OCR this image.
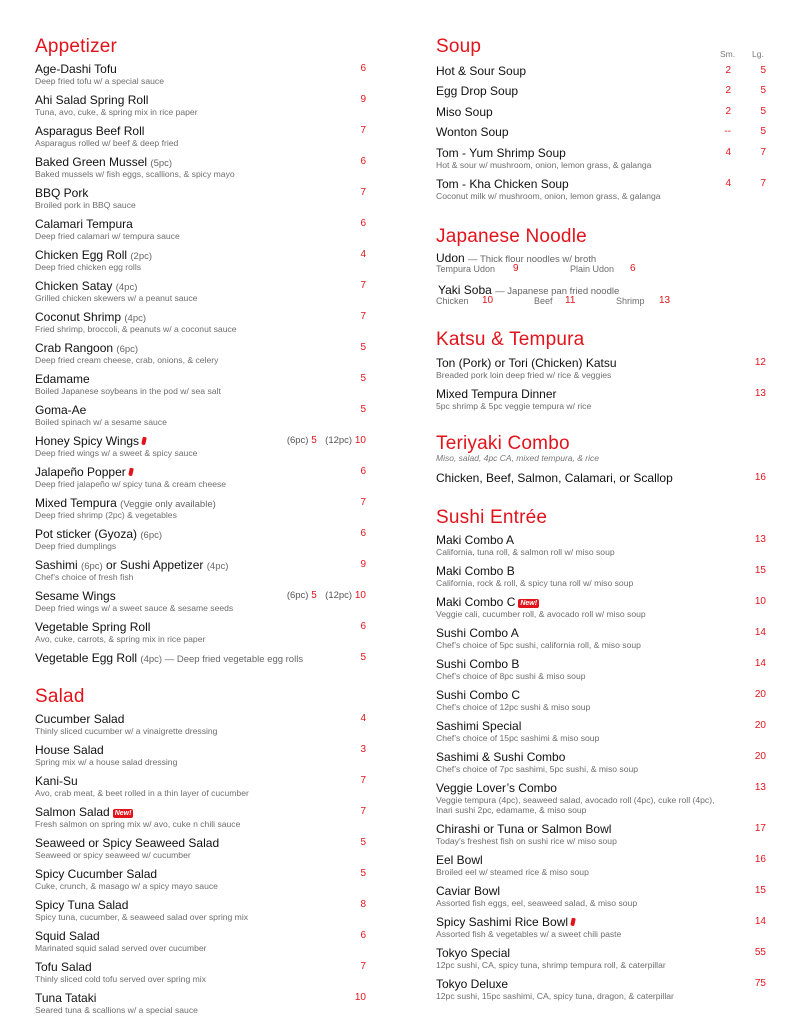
Appetizer
Age-Dashi Tofu
Deep fried tofu w/ a special sauce
6
Ahi Salad Spring Roll
Tuna, avo, cuke, & spring mix in rice paper
9
Asparagus Beef Roll
Asparagus rolled w/ beef & deep fried
7
Baked Green Mussel (5pc)
Baked mussels w/ fish eggs, scallions, & spicy mayo
6
BBQ Pork
Broiled pork in BBQ sauce
7
Calamari Tempura
Deep fried calamari w/ tempura sauce
6
Chicken Egg Roll (2pc)
Deep fried chicken egg rolls
4
Chicken Satay (4pc)
Grilled chicken skewers w/ a peanut sauce
7
Coconut Shrimp (4pc)
Fried shrimp, broccoli, & peanuts w/ a coconut sauce
7
Crab Rangoon (6pc)
Deep fried cream cheese, crab, onions, & celery
5
Edamame
Boiled Japanese soybeans in the pod w/ sea salt
5
Goma-Ae
Boiled spinach w/ a sesame sauce
5
Honey Spicy Wings
Deep fried wings w/ a sweet & spicy sauce
(6pc) 5 (12pc) 10
Jalapeño Popper
Deep fried jalapeño w/ spicy tuna & cream cheese
6
Mixed Tempura (Veggie only available)
Deep fried shrimp (2pc) & vegetables
7
Pot sticker (Gyoza) (6pc)
Deep fried dumplings
6
Sashimi (6pc) or Sushi Appetizer (4pc)
Chef’s choice of fresh fish
9
Sesame Wings
Deep fried wings w/ a sweet sauce & sesame seeds
(6pc) 5 (12pc) 10
Vegetable Spring Roll
Avo, cuke, carrots, & spring mix in rice paper
6
Vegetable Egg Roll (4pc) — Deep fried vegetable egg rolls	5
Salad
Cucumber Salad
Thinly sliced cucumber w/ a vinaigrette dressing
4
House Salad
Spring mix w/ a house salad dressing
3
Kani-Su
Avo, crab meat, & beet rolled in a thin layer of cucumber
7
Salmon Salad New!
Fresh salmon on spring mix w/ avo, cuke n chili sauce
7
Seaweed or Spicy Seaweed Salad
Seaweed or spicy seaweed w/ cucumber
5
Spicy Cucumber Salad
Cuke, crunch, & masago w/ a spicy mayo sauce
5
Spicy Tuna Salad
Spicy tuna, cucumber, & seaweed salad over spring mix
8
Squid Salad
Marinated squid salad served over cucumber
6
Tofu Salad
Thinly sliced cold tofu served over spring mix
7
Tuna Tataki
Seared tuna & scallions w/ a special sauce
10
Soup	Sm. Lg.
Hot & Sour Soup	2	5
Egg Drop Soup	2	5
Miso Soup	2	5
Wonton Soup	--	5
Tom - Yum Shrimp Soup
Hot & sour w/ mushroom, onion, lemon grass, & galanga
4	7
Tom - Kha Chicken Soup
Coconut milk w/ mushroom, onion, lemon grass, & galanga
4	7
Japanese Noodle
Udon — Thick flour noodles w/ broth
Tempura Udon 9	Plain Udon 6
Yaki Soba — Japanese pan fried noodle
Chicken 10	Beef 11	Shrimp 13
Katsu & Tempura
Ton (Pork) or Tori (Chicken) Katsu
Breaded pork loin deep fried w/ rice & veggies
12
Mixed Tempura Dinner
5pc shrimp & 5pc veggie tempura w/ rice
13
Teriyaki Combo
Miso, salad, 4pc CA, mixed tempura, & rice
Chicken, Beef, Salmon, Calamari, or Scallop	16
Sushi Entrée
Maki Combo A
California, tuna roll, & salmon roll w/ miso soup
13
Maki Combo B
California, rock & roll, & spicy tuna roll w/ miso soup
15
Maki Combo C New!
Veggie cali, cucumber roll, & avocado roll w/ miso soup
10
Sushi Combo A
Chef’s choice of 5pc sushi, california roll, & miso soup
14
Sushi Combo B
Chef’s choice of 8pc sushi & miso soup
14
Sushi Combo C
Chef’s choice of 12pc sushi & miso soup
20
Sashimi Special
Chef’s choice of 15pc sashimi & miso soup
20
Sashimi & Sushi Combo
Chef’s choice of 7pc sashimi, 5pc sushi, & miso soup
20
Veggie Lover’s Combo
Veggie tempura (4pc), seaweed salad, avocado roll (4pc), cuke roll (4pc),
Inari sushi 2pc, edamame, & miso soup
13
Chirashi or Tuna or Salmon Bowl
Today’s freshest fish on sushi rice w/ miso soup
17
Eel Bowl
Broiled eel w/ steamed rice & miso soup
16
Caviar Bowl
Assorted fish eggs, eel, seaweed salad, & miso soup
15
Spicy Sashimi Rice Bowl
Assorted fish & vegetables w/ a sweet chili paste
14
Tokyo Special
12pc sushi, CA, spicy tuna, shrimp tempura roll, & caterpillar
55
Tokyo Deluxe
12pc sushi, 15pc sashimi, CA, spicy tuna, dragon, & caterpillar
75
